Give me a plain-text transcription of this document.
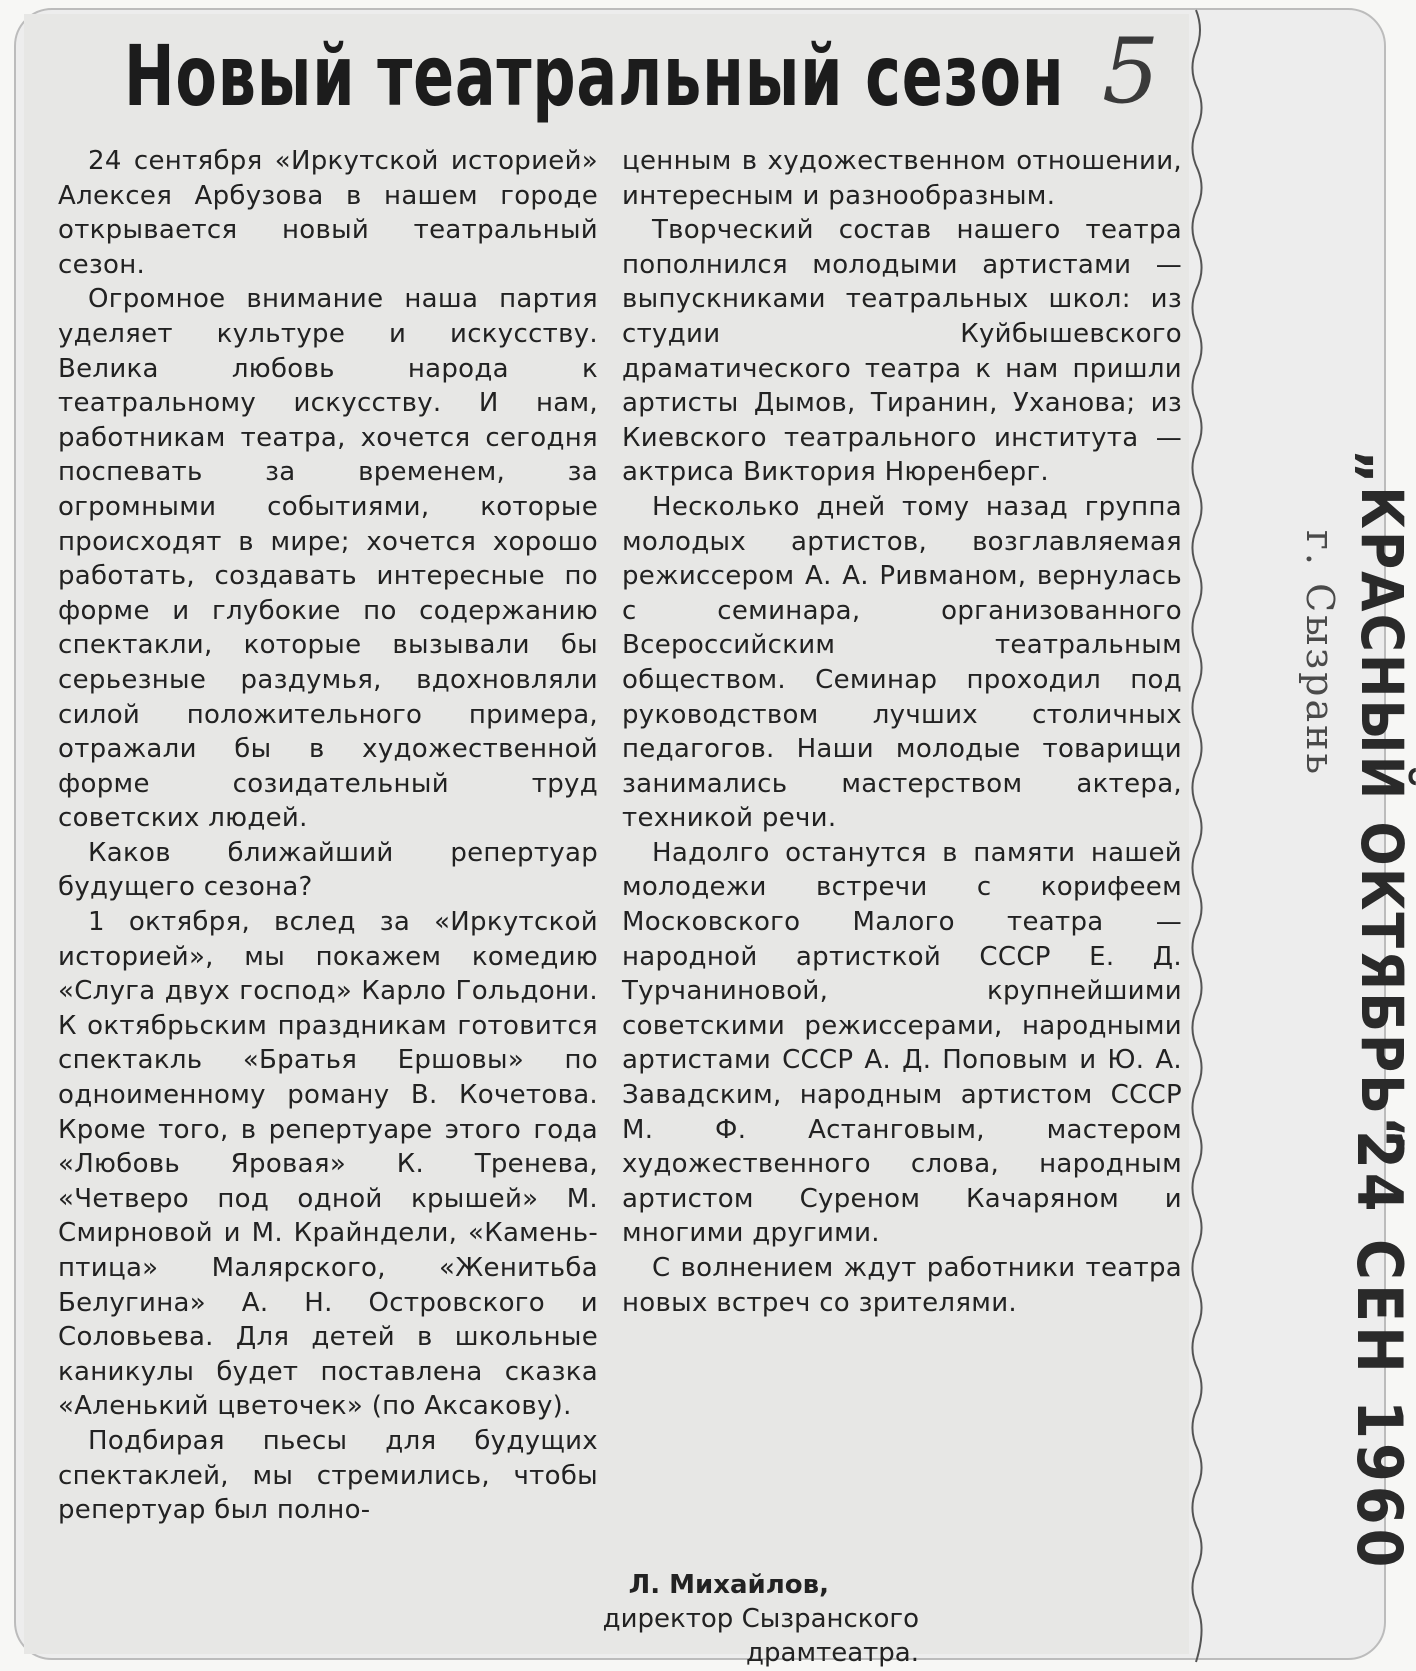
Новый театральный сезон 5

24 сентября «Иркутской историей» Алексея Арбузова в нашем городе открывается новый театральный сезон.

Огромное внимание наша партия уделяет культуре и искусству. Велика любовь народа к театральному искусству. И нам, работникам театра, хочется сегодня поспевать за временем, за огромными событиями, которые происходят в мире; хочется хорошо работать, создавать интересные по форме и глубокие по содержанию спектакли, которые вызывали бы серьезные раздумья, вдохновляли силой положительного примера, отражали бы в художественной форме созидательный труд советских людей.

Каков ближайший репертуар будущего сезона?

1 октября, вслед за «Иркутской историей», мы покажем комедию «Слуга двух господ» Карло Гольдони. К октябрьским праздникам готовится спектакль «Братья Ершовы» по одноименному роману В. Кочетова. Кроме того, в репертуаре этого года «Любовь Яровая» К. Тренева, «Четверо под одной крышей» М. Смирновой и М. Крайндели, «Камень-птица» Малярского, «Женитьба Белугина» А. Н. Островского и Соловьева. Для детей в школьные каникулы будет поставлена сказка «Аленький цветочек» (по Аксакову).

Подбирая пьесы для будущих спектаклей, мы стремились, чтобы репертуар был полно-

ценным в художественном отношении, интересным и разнообразным.

Творческий состав нашего театра пополнился молодыми артистами — выпускниками театральных школ: из студии Куйбышевского драматического театра к нам пришли артисты Дымов, Тиранин, Уханова; из Киевского театрального института — актриса Виктория Нюренберг.

Несколько дней тому назад группа молодых артистов, возглавляемая режиссером А. А. Ривманом, вернулась с семинара, организованного Всероссийским театральным обществом. Семинар проходил под руководством лучших столичных педагогов. Наши молодые товарищи занимались мастерством актера, техникой речи.

Надолго останутся в памяти нашей молодежи встречи с корифеем Московского Малого театра — народной артисткой СССР Е. Д. Турчаниновой, крупнейшими советскими режиссерами, народными артистами СССР А. Д. Поповым и Ю. А. Завадским, народным артистом СССР М. Ф. Астанговым, мастером художественного слова, народным артистом Суреном Качаряном и многими другими.

С волнением ждут работники театра новых встреч со зрителями.

Л. Михайлов,
директор Сызранского
драмтеатра.
„КРАСНЫЙ ОКТЯБРЬ“
г. Сызрань
24 СЕН 1960
